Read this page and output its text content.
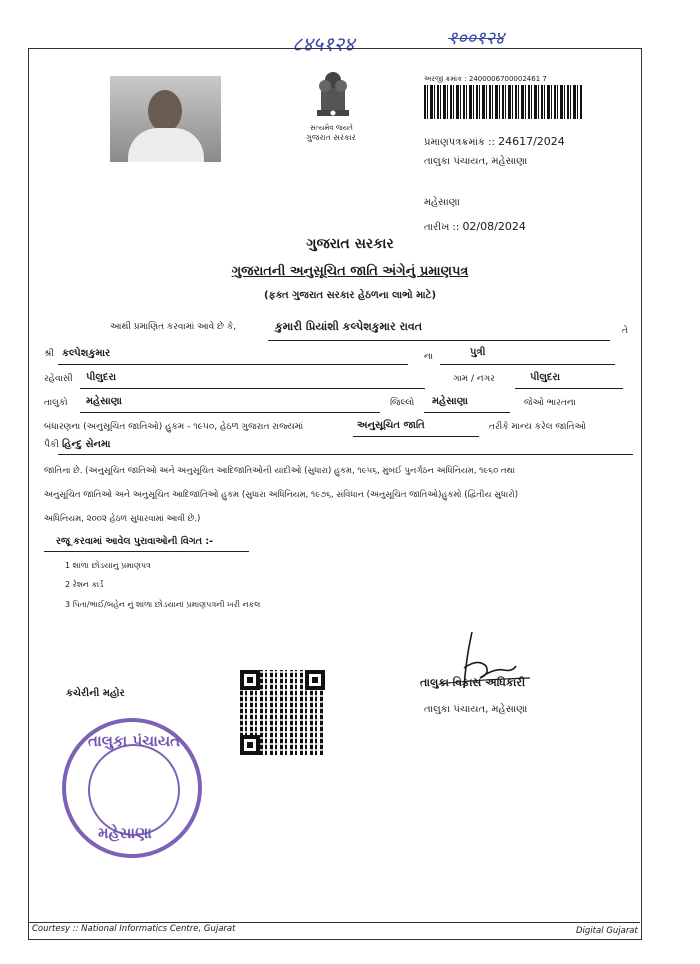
८४५१२४	१००१२४
સત્યમેવ જયતે
ગુજરાત સરકાર
અરજી ક્રમાંક : 2400006700002461 7
પ્રમાણપત્રક્રમાંક :: 24617/2024
તાલુકા પંચાયત, મહેસાણા
મહેસાણા
તારીખ :: 02/08/2024
ગુજરાત સરકાર
ગુજરાતની અનુસૂચિત જાતિ અંગેનું પ્રમાણપત્ર
(ફક્ત ગુજરાત સરકાર હેઠળના લાભો માટે)
આથી પ્રમાણિત કરવામાં આવે છે કે,	કુમારી પ્રિયાંશી કલ્પેશકુમાર રાવત	તે
શ્રી કલ્પેશકુમાર	ના	પુત્રી
રહેવાસી પીલુદરા	ગામ / નગર	પીલુદરા
તાલુકો મહેસાણા	જિલ્લો મહેસાણા	જેઓ ભારતના
બંધારણના (અનુસૂચિત જાતિઓ) હુકમ - ૧૯૫૦, હેઠળ ગુજરાત રાજ્યમાં	અનુસૂચિત જાતિ	તરીકે માન્ય કરેલ જાતિઓ
પૈકી હિન્દુ સેનમા
જાતિના છે. (અનુસૂચિત જાતિઓ અને અનુસૂચિત આદિજાતિઓની યાદીઓ (સુધારા) હુકમ, ૧૯૫૬, મુંબઈ પુનર્ગઠન અધિનિયમ, ૧૯૬૦ તથા
અનુસૂચિત જાતિઓ અને અનુસૂચિત આદિજાતિઓ હુકમ (સુધારા અધિનિયમ, ૧૯૭૬, સંવિધાન (અનુસૂચિત જાતિઓ)હુકમો (દ્વિતીય સુધારો)
અધિનિયમ, ૨૦૦૨ હેઠળ સુધારવામાં આવી છે.)
રજૂ કરવામાં આવેલ પુરાવાઓની વિગત :-
1 શાળા છોડયાનુ પ્રમાણપત્ર
2 રેશન કાર્ડ
3 પિતા/ભાઈ/બહેન નું શાળા છોડયાનાં પ્રમાણપત્રની ખરી નકલ
કચેરીની મહોર
તાલુકા વિકાસ અધિકારી
તાલુકા પંચાયત, મહેસાણા
તાલુકા પંચાયત
મહેસાણા
Courtesy :: National Informatics Centre, Gujarat	Digital Gujarat
